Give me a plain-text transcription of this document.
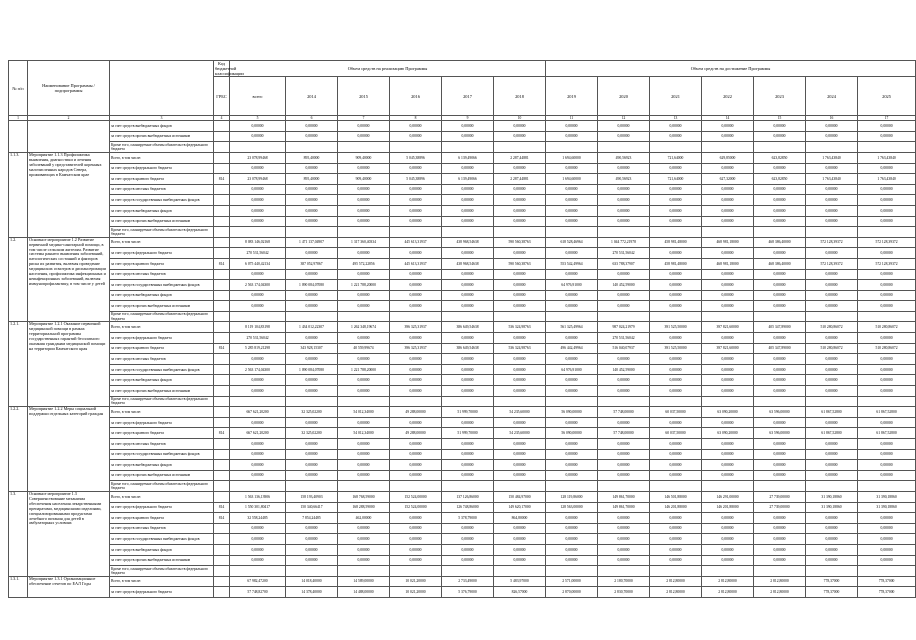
№ п/п	Наименование Программы / подпрограммы		Код бюджетной классификации	Объем средств на реализацию Программы						Объем средств на достижение Программы						
			ГРБС	всего	2014	2015	2016	2017	2018	2019	2020	2021	2022	2023	2024	2025
1	2	3	4	5	6	7	8	9	10	11	12	13	14	15	16	17
		за счет средств внебюджетных фондов		0,00000	0,00000	0,00000	0,00000	0,00000	0,00000	0,00000	0,00000	0,00000	0,00000	0,00000	0,00000	0,00000
		за счет средств прочих внебюджетных источников		0,00000	0,00000	0,00000	0,00000	0,00000	0,00000	0,00000	0,00000	0,00000	0,00000	0,00000	0,00000	0,00000
		Кроме того, планируемые объемы обязательств федерального бюджета														
1.1.3.	Мероприятие 1.1.3 Профилактика выявления, диагностики и лечения заболеваний у представителей коренных малочисленных народов Севера, проживающих в Камчатском крае	Всего, в том числе:		23 078,99468	895,40000	909,40000	5 045,38896	6 139,49066	2 287,44881	1 694,60000	490,56923	721,64000	629,85000	623,82850	1 763,43840	1 763,43840
		за счет средств федерального бюджета		0,00000	0,00000	0,00000	0,00000	0,00000	0,00000	0,00000	0,00000	0,00000	0,00000	0,00000	0,00000	0,00000
		за счет средств краевого бюджета	814	23 078,99468	895,40000	909,40000	5 045,38896	6 139,49066	2 287,44881	1 694,60000	490,56923	721,64000	627,32000	623,82850	1 763,43840	1 763,43840
		за счет средств местных бюджетов		0,00000	0,00000	0,00000	0,00000	0,00000	0,00000	0,00000	0,00000	0,00000	0,00000	0,00000	0,00000	0,00000
		за счет средств государственных внебюджетных фондов		0,00000	0,00000	0,00000	0,00000	0,00000	0,00000	0,00000	0,00000	0,00000	0,00000	0,00000	0,00000	0,00000
		за счет средств внебюджетных фондов		0,00000	0,00000	0,00000	0,00000	0,00000	0,00000	0,00000	0,00000	0,00000	0,00000	0,00000	0,00000	0,00000
		за счет средств прочих внебюджетных источников		0,00000	0,00000	0,00000	0,00000	0,00000	0,00000	0,00000	0,00000	0,00000	0,00000	0,00000	0,00000	0,00000
		Кроме того, планируемые объемы обязательств федерального бюджета														
1.2.	Основное мероприятие 1.2 Развитие первичной медико-санитарной помощи, в том числе сельским жителям. Развитие системы раннего выявления заболеваний, патологических состояний и факторов риска их развития, включая проведение медицинских осмотров и диспансеризации населения, профилактика инфекционных и неинфекционных заболеваний, включая иммунопрофилактику, в том числе у детей	Всего, в том числе:		8 083 146,02168	1 471 137,04907	1 317 360,40334	445 613,31937	438 968,54638	590 560,38763	618 528,46964	1 044 772,21978	458 981,48000	468 981,18000	468 386,40000	572 128,39372	572 128,39372
		за счет средств федерального бюджета		270 531,56042	0,00000	0,00000	0,00000	0,00000	0,00000	0,00000	270 531,56042	0,00000	0,00000	0,00000	0,00000	0,00000
		за счет средств краевого бюджета	814	6 075 440,42134	387 052,97867	495 572,22856	445 613,31937	438 968,54638	590 560,38763	553 542,49964	633 788,37907	458 981,48000	468 981,18000	468 386,40000	572 128,39372	572 128,39372
		за счет средств местных бюджетов		0,00000	0,00000	0,00000	0,00000	0,00000	0,00000	0,00000	0,00000	0,00000	0,00000	0,00000	0,00000	0,00000
		за счет средств государственных внебюджетных фондов		2 563 174,04300	1 090 084,07080	1 221 788,20000	0,00000	0,00000	0,00000	64 976,91000	140 452,59000	0,00000	0,00000	0,00000	0,00000	0,00000
		за счет средств внебюджетных фондов		0,00000	0,00000	0,00000	0,00000	0,00000	0,00000	0,00000	0,00000	0,00000	0,00000	0,00000	0,00000	0,00000
		за счет средств прочих внебюджетных источников		0,00000	0,00000	0,00000	0,00000	0,00000	0,00000	0,00000	0,00000	0,00000	0,00000	0,00000	0,00000	0,00000
		Кроме того, планируемые объемы обязательств федерального бюджета														
1.2.1.	Мероприятие 1.2.1 Оказание первичной медицинской помощи в рамках территориальной программы государственных гарантий бесплатного оказания гражданам медицинской помощи на территории Камчатского края	Всего, в том числе:		8 119 104,83198	1 434 012,22307	1 262 348,19674	396 325,31937	386 649,54638	536 324,98763	561 325,49964	987 024,21979	391 525,50000	397 821,60000	405 347,89000	510 280,86072	510 280,86072
		за счет средств федерального бюджета		270 531,56042	0,00000	0,00000	0,00000	0,00000	0,00000	0,00000	270 531,56042	0,00000	0,00000	0,00000	0,00000	0,00000
		за счет средств краевого бюджета	814	5 285 819,21298	343 928,15307	40 559,99674	396 325,31937	386 649,54638	536 324,98763	496 442,49964	516 040,07937	391 525,50000	397 821,60000	405 347,89000	510 280,86072	510 280,86072
		за счет средств местных бюджетов		0,00000	0,00000	0,00000	0,00000	0,00000	0,00000	0,00000	0,00000	0,00000	0,00000	0,00000	0,00000	0,00000
		за счет средств государственных внебюджетных фондов		2 563 174,04300	1 090 084,07080	1 221 788,20000	0,00000	0,00000	0,00000	64 976,91000	140 452,59000	0,00000	0,00000	0,00000	0,00000	0,00000
		за счет средств внебюджетных фондов		0,00000	0,00000	0,00000	0,00000	0,00000	0,00000	0,00000	0,00000	0,00000	0,00000	0,00000	0,00000	0,00000
		за счет средств прочих внебюджетных источников		0,00000	0,00000	0,00000	0,00000	0,00000	0,00000	0,00000	0,00000	0,00000	0,00000	0,00000	0,00000	0,00000
		Кроме того, планируемые объемы обязательств федерального бюджета														
1.2.2.	Мероприятие 1.2.2 Меры социальной поддержки отдельных категорий граждан	Всего, в том числе:		667 621,20200	32 325,02200	54 012,34000	49 288,00000	51 999,70000	54 235,60000	56 090,00000	57 748,00000	60 037,50000	63 090,20000	63 596,00000	61 867,52800	61 867,52800
		за счет средств федерального бюджета		0,00000	0,00000	0,00000	0,00000	0,00000	0,00000	0,00000	0,00000	0,00000	0,00000	0,00000	0,00000	0,00000
		за счет средств краевого бюджета	814	667 621,20200	32 325,02200	54 012,34000	49 288,00000	51 999,70000	54 235,60000	56 090,00000	57 748,00000	60 037,50000	63 090,20000	63 596,00000	61 867,52800	61 867,52800
		за счет средств местных бюджетов		0,00000	0,00000	0,00000	0,00000	0,00000	0,00000	0,00000	0,00000	0,00000	0,00000	0,00000	0,00000	0,00000
		за счет средств государственных внебюджетных фондов		0,00000	0,00000	0,00000	0,00000	0,00000	0,00000	0,00000	0,00000	0,00000	0,00000	0,00000	0,00000	0,00000
		за счет средств внебюджетных фондов		0,00000	0,00000	0,00000	0,00000	0,00000	0,00000	0,00000	0,00000	0,00000	0,00000	0,00000	0,00000	0,00000
		за счет средств прочих внебюджетных источников		0,00000	0,00000	0,00000	0,00000	0,00000	0,00000	0,00000	0,00000	0,00000	0,00000	0,00000	0,00000	0,00000
		Кроме того, планируемые объемы обязательств федерального бюджета														
1.3.	Основное мероприятие 1.3 Совершенствование механизма обеспечения населения лекарственными препаратами, медицинскими изделиями, специализированными продуктами лечебного питания для детей в амбулаторных условиях	Всего, в том числе:		1 563 136,13906	158 193,40903	168 768,59000	152 524,00000	137 126,86000	150 484,97000	128 119,86000	149 861,70000	146 501,88000	146 291,00000	27 739,00000	31 390,18860	31 390,18860
		за счет средств федерального бюджета	814	1 550 301,80417	150 340,66417	168 288,59000	152 524,00000	126 748,86000	149 620,17000	128 563,00000	149 861,70000	146 201,88000	146 201,88000	27 739,00000	31 390,18860	31 390,18860
		за счет средств краевого бюджета	814	32 558,24485	7 854,24485	462,00000	0,00000	5 378,79000	864,80000	0,00000	0,00000	0,00000	0,00000	0,00000	0,00000	0,00000
		за счет средств местных бюджетов		0,00000	0,00000	0,00000	0,00000	0,00000	0,00000	0,00000	0,00000	0,00000	0,00000	0,00000	0,00000	0,00000
		за счет средств государственных внебюджетных фондов		0,00000	0,00000	0,00000	0,00000	0,00000	0,00000	0,00000	0,00000	0,00000	0,00000	0,00000	0,00000	0,00000
		за счет средств внебюджетных фондов		0,00000	0,00000	0,00000	0,00000	0,00000	0,00000	0,00000	0,00000	0,00000	0,00000	0,00000	0,00000	0,00000
		за счет средств прочих внебюджетных источников		0,00000	0,00000	0,00000	0,00000	0,00000	0,00000	0,00000	0,00000	0,00000	0,00000	0,00000	0,00000	0,00000
		Кроме того, планируемые объемы обязательств федерального бюджета														
1.3.1.	Мероприятие 1.3.1 Организационное обеспечение отчетов по ЕАЛ Годы	Всего, в том числе:		67 982,47200	14 018,40000	14 589,00000	10 021,20000	2 733,49000	5 483,97000	2 571,00000	2 180,70000	2 812,80000	2 812,80000	2 812,80000	778,37000	778,37000
		за счет средств федерального бюджета		57 748,82700	14 378,40000	14 488,00000	10 021,20000	5 376,79000	826,57000	2 870,00000	2 830,70000	2 812,80000	2 812,80000	2 812,80000	778,37000	778,37000
